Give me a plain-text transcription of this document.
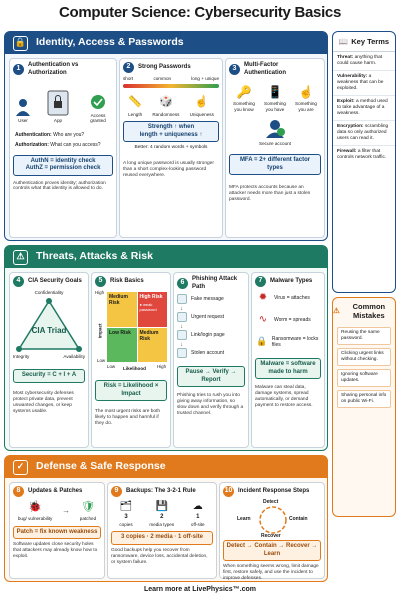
Computer Science: Cybersecurity Basics
🔒 Identity, Access & Passwords
1
Authentication vs Authorization
User	App
Access granted
Authentication: Who are you?
Authorization: What can you access?
AuthN = identity check
AuthZ = permission check
Authentication proves identity; authorization controls what that identity is allowed to do.
2	Strong Passwords
short	common	long + unique
📏
Length
🎲
Randomness
☝
Uniqueness
Strength ↑ when
length + uniqueness ↑
Better: 4 random words + symbols
A long unique password is usually stronger than a short complex-looking password reused everywhere.
3
Multi-Factor Authentication
🔑
Something you know
📱
Something you have
☝
Something you are
Secure account
MFA = 2+ different factor types
MFA protects accounts because an attacker needs more than just a stolen password.
⚠	Threats, Attacks & Risk
4	CIA Security Goals
Confidentiality
CIA Triad
Integrity	Availability
Security = C + I + A
Most cybersecurity defenses protect private data, prevent unwanted changes, or keep systems usable.
5	Risk Basics
High
Impact
Low
Medium Risk
High Risk
● weak password
Low Risk	Medium Risk
Low Likelihood	High
Risk = Likelihood × Impact
The most urgent risks are both likely to happen and harmful if they do.
6
Phishing Attack Path
Fake message
↓
Urgent request
↓
Link/login page
↓
Stolen account
Pause → Verify → Report
Phishing tries to rush you into giving away information, so slow down and verify through a trusted channel.
7	Malware Types
✹	Virus = attaches
∿	Worm = spreads
🔒 Ransomware = locks files
Malware = software
made to harm
Malware can steal data, damage systems, spread automatically, or demand payment to restore access.
✓	Defense & Safe Response
8	Updates & Patches
🐞
bug/ vulnerability
→ 🛡
patched
Patch = fix known weakness
Software updates close security holes that attackers may already know how to exploit.
9	Backups: The 3-2-1 Rule
🗂
3
copies
💾
2
media types
☁
1
off-site
3 copies · 2 media · 1 off-site
Good backups help you recover from ransomware, device loss, accidental deletion, or system failure.
10 Incident Response Steps
Detect
Contain
Recover
Learn
Detect → Contain → Recover → Learn
When something seems wrong, limit damage first, restore safely, and use the incident to improve defenses.
📖 Key Terms
Threat: anything that could cause harm.
Vulnerability: a weakness that can be exploited.
Exploit: a method used to take advantage of a weakness.
Encryption: scrambling data so only authorized users can read it.
Firewall: a filter that controls network traffic.
⚠
Common Mistakes
Reusing the same password.
Clicking urgent links without checking.
Ignoring software updates.
Sharing personal info on public Wi-Fi.
Learn more at LivePhysics™.com
